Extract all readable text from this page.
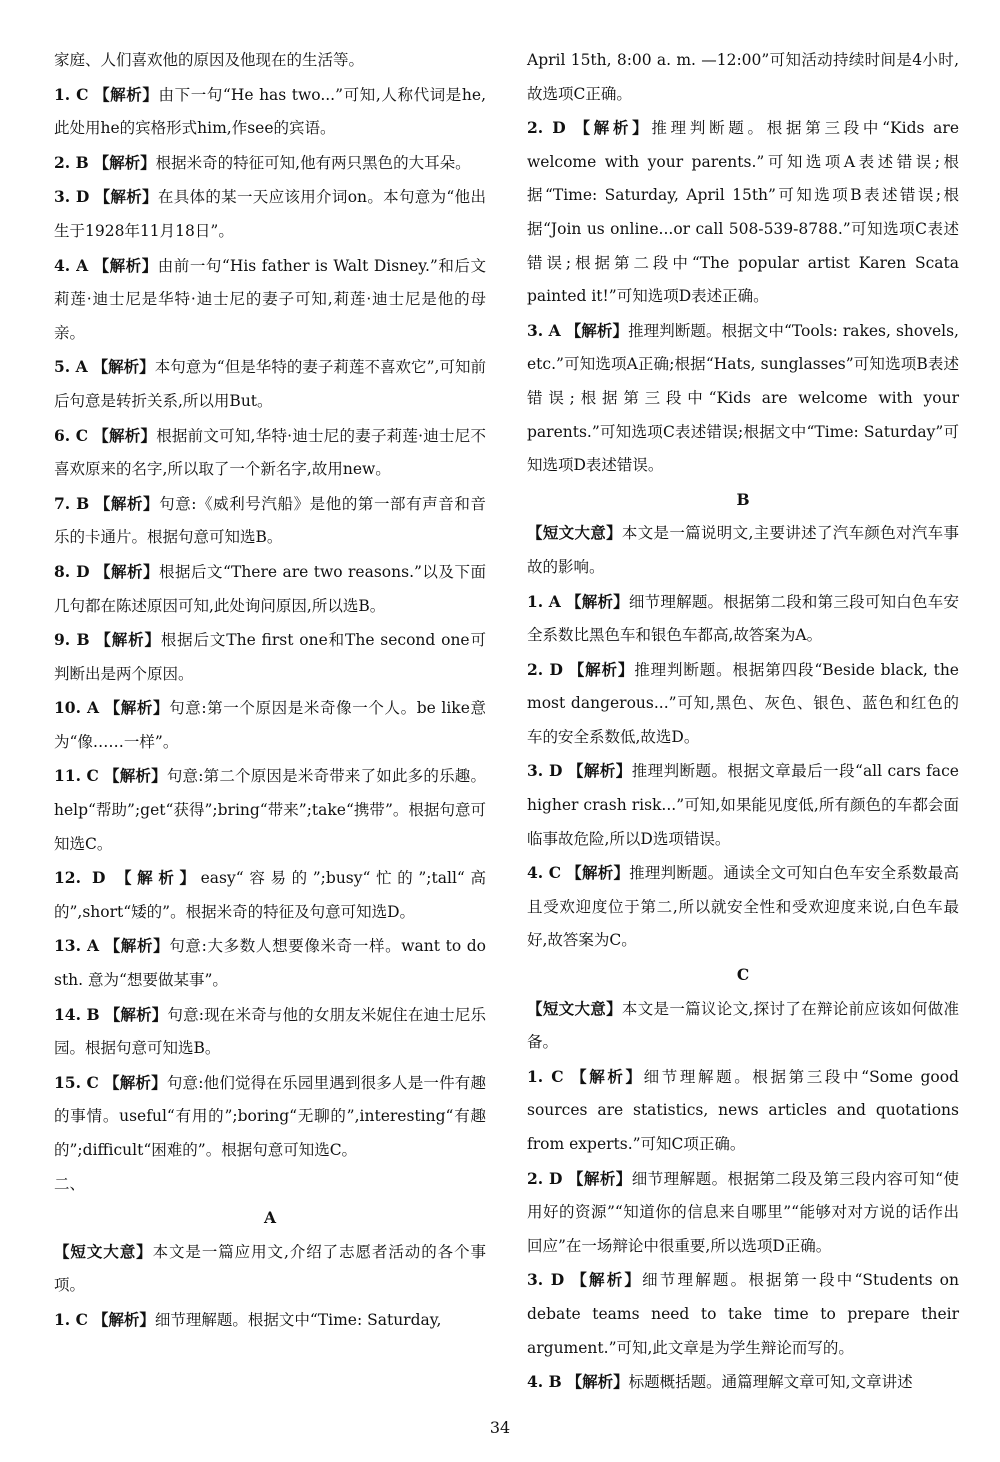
家庭、人们喜欢他的原因及他现在的生活等。

1. C 【解析】由下一句“He has two...”可知,人称代词是he,此处用he的宾格形式him,作see的宾语。

2. B 【解析】根据米奇的特征可知,他有两只黑色的大耳朵。

3. D 【解析】在具体的某一天应该用介词on。本句意为“他出生于1928年11月18日”。

4. A 【解析】由前一句“His father is Walt Disney.”和后文莉莲·迪士尼是华特·迪士尼的妻子可知,莉莲·迪士尼是他的母亲。

5. A 【解析】本句意为“但是华特的妻子莉莲不喜欢它”,可知前后句意是转折关系,所以用But。

6. C 【解析】根据前文可知,华特·迪士尼的妻子莉莲·迪士尼不喜欢原来的名字,所以取了一个新名字,故用new。

7. B 【解析】句意:《威利号汽船》是他的第一部有声音和音乐的卡通片。根据句意可知选B。

8. D 【解析】根据后文“There are two reasons.”以及下面几句都在陈述原因可知,此处询问原因,所以选B。

9. B 【解析】根据后文The first one和The second one可判断出是两个原因。

10. A 【解析】句意:第一个原因是米奇像一个人。be like意为“像……一样”。

11. C 【解析】句意:第二个原因是米奇带来了如此多的乐趣。help“帮助”;get“获得”;bring“带来”;take“携带”。根据句意可知选C。

12. D 【解析】easy“容易的”;busy“忙的”;tall“高的”,short“矮的”。根据米奇的特征及句意可知选D。

13. A 【解析】句意:大多数人想要像米奇一样。want to do sth. 意为“想要做某事”。

14. B 【解析】句意:现在米奇与他的女朋友米妮住在迪士尼乐园。根据句意可知选B。

15. C 【解析】句意:他们觉得在乐园里遇到很多人是一件有趣的事情。useful“有用的”;boring“无聊的”,interesting“有趣的”;difficult“困难的”。根据句意可知选C。

二、

A

【短文大意】本文是一篇应用文,介绍了志愿者活动的各个事项。

1. C 【解析】细节理解题。根据文中“Time: Saturday,

April 15th, 8:00 a. m. —12:00”可知活动持续时间是4小时,故选项C正确。

2. D 【解析】推理判断题。根据第三段中“Kids are welcome with your parents.”可知选项A表述错误;根据“Time: Saturday, April 15th”可知选项B表述错误;根据“Join us online...or call 508-539-8788.”可知选项C表述错误;根据第二段中“The popular artist Karen Scata painted it!”可知选项D表述正确。

3. A 【解析】推理判断题。根据文中“Tools: rakes, shovels, etc.”可知选项A正确;根据“Hats, sunglasses”可知选项B表述错误;根据第三段中“Kids are welcome with your parents.”可知选项C表述错误;根据文中“Time: Saturday”可知选项D表述错误。

B

【短文大意】本文是一篇说明文,主要讲述了汽车颜色对汽车事故的影响。

1. A 【解析】细节理解题。根据第二段和第三段可知白色车安全系数比黑色车和银色车都高,故答案为A。

2. D 【解析】推理判断题。根据第四段“Beside black, the most dangerous...”可知,黑色、灰色、银色、蓝色和红色的车的安全系数低,故选D。

3. D 【解析】推理判断题。根据文章最后一段“all cars face higher crash risk...”可知,如果能见度低,所有颜色的车都会面临事故危险,所以D选项错误。

4. C 【解析】推理判断题。通读全文可知白色车安全系数最高且受欢迎度位于第二,所以就安全性和受欢迎度来说,白色车最好,故答案为C。

C

【短文大意】本文是一篇议论文,探讨了在辩论前应该如何做准备。

1. C 【解析】细节理解题。根据第三段中“Some good sources are statistics, news articles and quotations from experts.”可知C项正确。

2. D 【解析】细节理解题。根据第二段及第三段内容可知“使用好的资源”“知道你的信息来自哪里”“能够对对方说的话作出回应”在一场辩论中很重要,所以选项D正确。

3. D 【解析】细节理解题。根据第一段中“Students on debate teams need to take time to prepare their argument.”可知,此文章是为学生辩论而写的。

4. B 【解析】标题概括题。通篇理解文章可知,文章讲述

34
